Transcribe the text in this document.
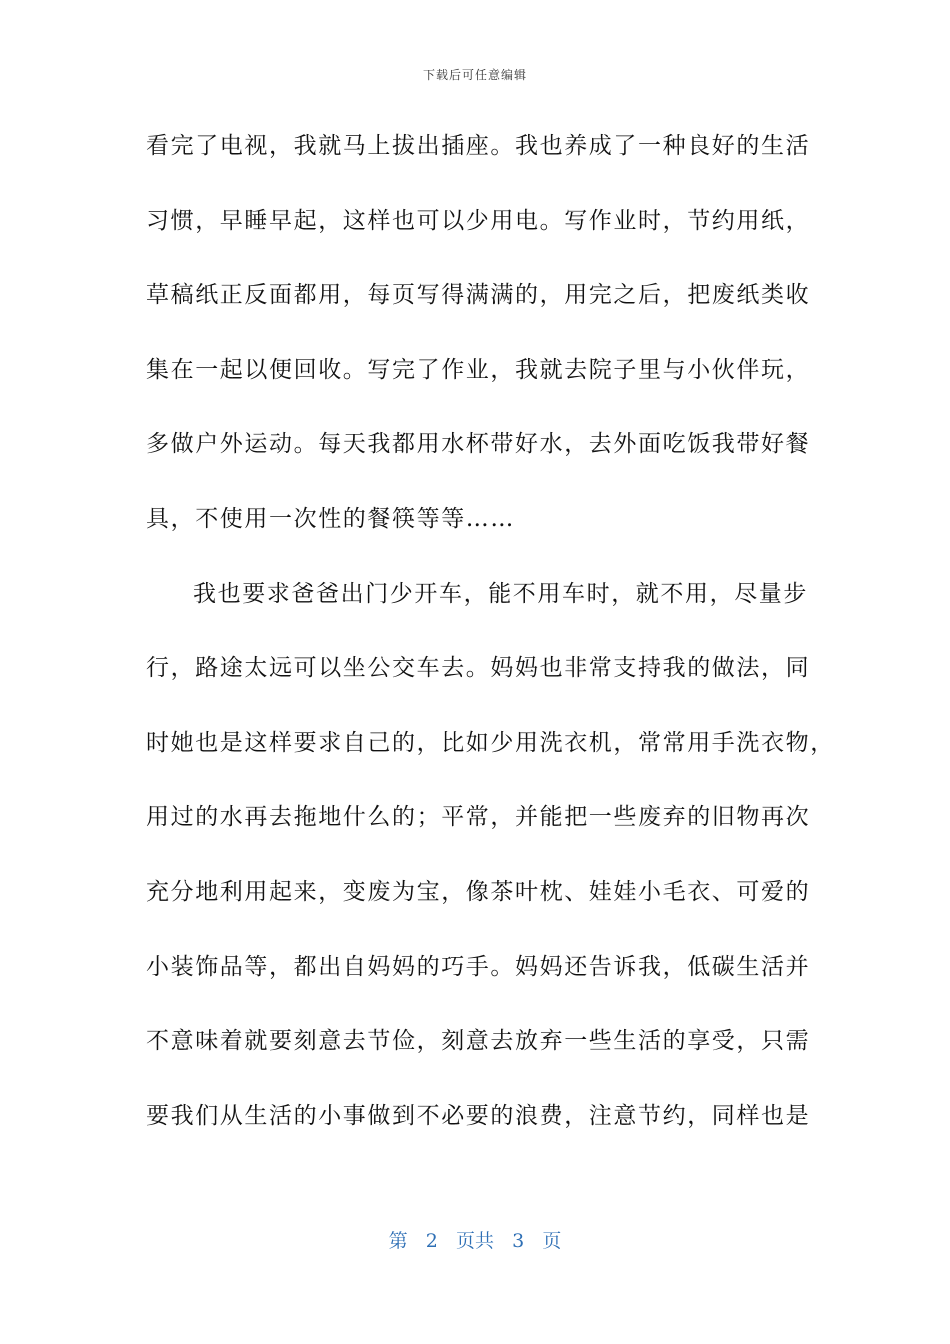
下载后可任意编辑
看完了电视，我就马上拔出插座。我也养成了一种良好的生活
习惯，早睡早起，这样也可以少用电。写作业时，节约用纸，
草稿纸正反面都用，每页写得满满的，用完之后，把废纸类收
集在一起以便回收。写完了作业，我就去院子里与小伙伴玩，
多做户外运动。每天我都用水杯带好水，去外面吃饭我带好餐
具，不使用一次性的餐筷等等……
我也要求爸爸出门少开车，能不用车时，就不用，尽量步
行，路途太远可以坐公交车去。妈妈也非常支持我的做法，同
时她也是这样要求自己的，比如少用洗衣机，常常用手洗衣物，
用过的水再去拖地什么的；平常，并能把一些废弃的旧物再次
充分地利用起来，变废为宝，像茶叶枕、娃娃小毛衣、可爱的
小装饰品等，都出自妈妈的巧手。妈妈还告诉我，低碳生活并
不意味着就要刻意去节俭，刻意去放弃一些生活的享受，只需
要我们从生活的小事做到不必要的浪费，注意节约，同样也是
第 2 页共 3 页
